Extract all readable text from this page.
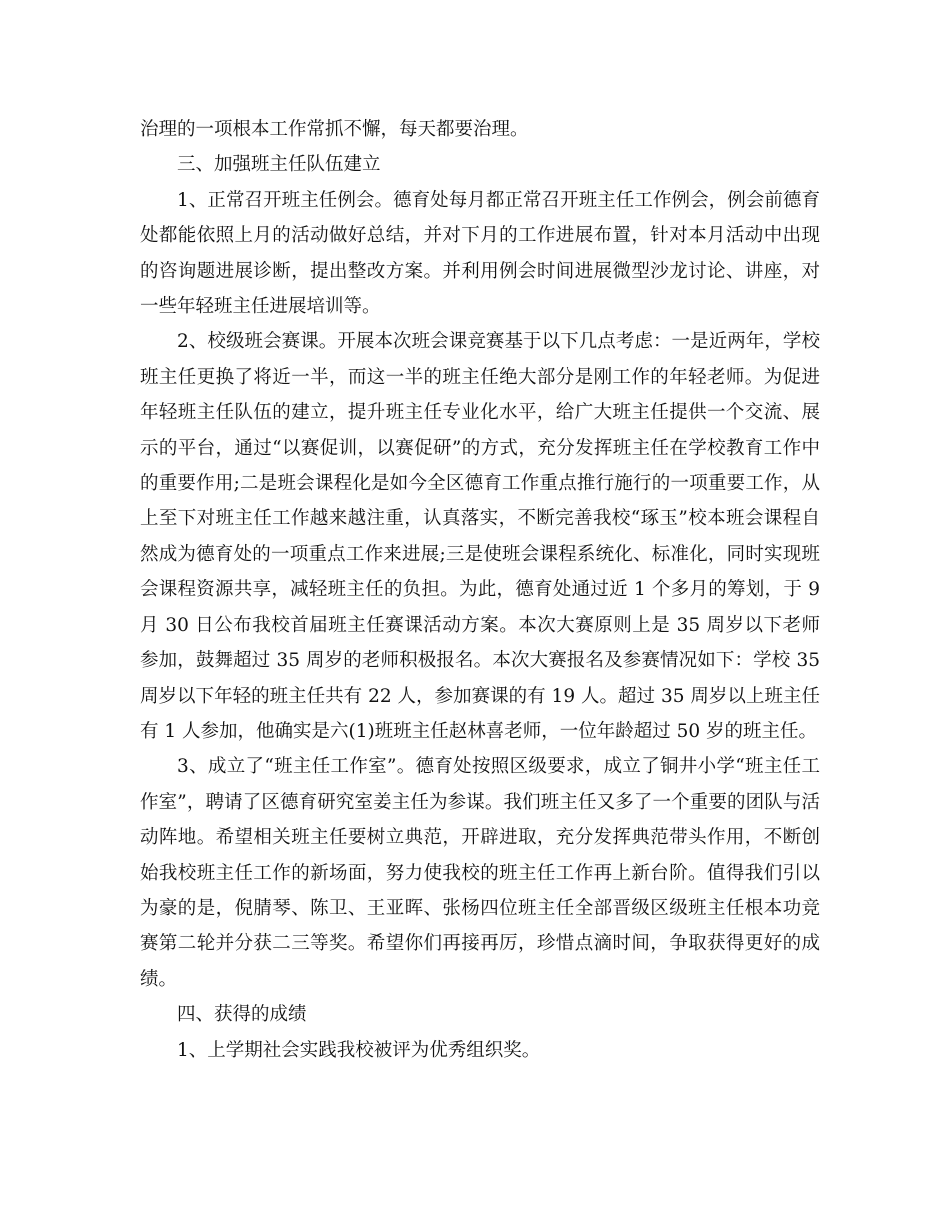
治理的一项根本工作常抓不懈，每天都要治理。

三、加强班主任队伍建立

1、正常召开班主任例会。德育处每月都正常召开班主任工作例会，例会前德育处都能依照上月的活动做好总结，并对下月的工作进展布置，针对本月活动中出现的咨询题进展诊断，提出整改方案。并利用例会时间进展微型沙龙讨论、讲座，对一些年轻班主任进展培训等。

2、校级班会赛课。开展本次班会课竞赛基于以下几点考虑：一是近两年，学校班主任更换了将近一半，而这一半的班主任绝大部分是刚工作的年轻老师。为促进年轻班主任队伍的建立，提升班主任专业化水平，给广大班主任提供一个交流、展示的平台，通过“以赛促训，以赛促研”的方式，充分发挥班主任在学校教育工作中的重要作用;二是班会课程化是如今全区德育工作重点推行施行的一项重要工作，从上至下对班主任工作越来越注重，认真落实，不断完善我校“琢玉”校本班会课程自然成为德育处的一项重点工作来进展;三是使班会课程系统化、标准化，同时实现班会课程资源共享，减轻班主任的负担。为此，德育处通过近 1 个多月的筹划，于 9 月 30 日公布我校首届班主任赛课活动方案。本次大赛原则上是 35 周岁以下老师参加，鼓舞超过 35 周岁的老师积极报名。本次大赛报名及参赛情况如下：学校 35 周岁以下年轻的班主任共有 22 人，参加赛课的有 19 人。超过 35 周岁以上班主任有 1 人参加，他确实是六(1)班班主任赵林喜老师，一位年龄超过 50 岁的班主任。

3、成立了“班主任工作室”。德育处按照区级要求，成立了铜井小学“班主任工作室”，聘请了区德育研究室姜主任为参谋。我们班主任又多了一个重要的团队与活动阵地。希望相关班主任要树立典范，开辟进取，充分发挥典范带头作用，不断创始我校班主任工作的新场面，努力使我校的班主任工作再上新台阶。值得我们引以为豪的是，倪腈琴、陈卫、王亚晖、张杨四位班主任全部晋级区级班主任根本功竞赛第二轮并分获二三等奖。希望你们再接再厉，珍惜点滴时间，争取获得更好的成绩。

四、获得的成绩

1、上学期社会实践我校被评为优秀组织奖。
